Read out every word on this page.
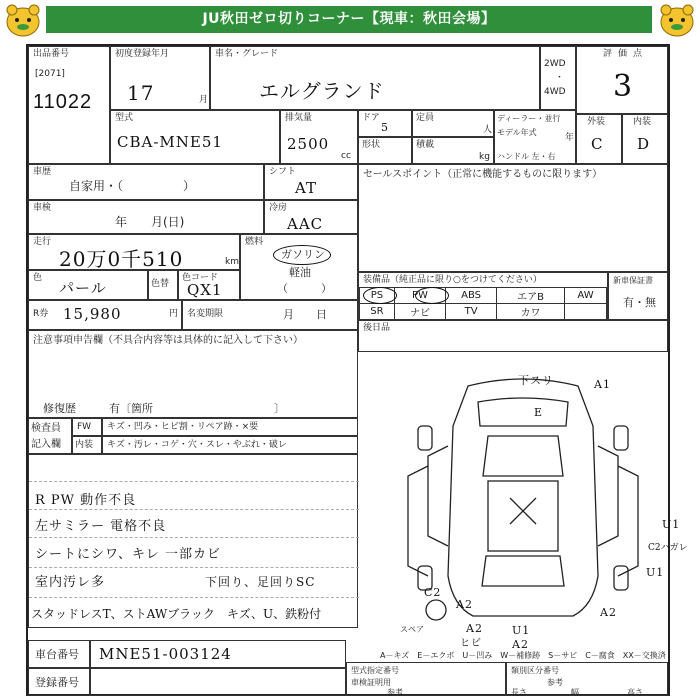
JU秋田ゼロ切りコーナー【現車：秋田会場】
出品番号
[2071]
11022
初度登録年月
17	月
車名・グレード
エルグランド
2WD
・
4WD
評価点
3
型式
CBA-MNE51
排気量
2500
cc
ドア
5
定員
人
形状	積載
kg
ディーラー・並行
モデル年式
年
ハンドル 左・右
外装
C
内装
D
車歴
自家用・（　　　　　）
シフト
AT
車検
年　　月(日)
冷房
AAC
走行
20万0千510	km
燃料
ガソリン
軽油
（　　　）
色
パール	色替
色コード
QX1
R券 15,980	円 名変期限	月　　日
注意事項申告欄（不具合内容等は具体的に記入して下さい）
修復歴	有〔箇所　　　　　　　　　　　〕
検査員
記入欄
FW キズ・凹み・ヒビ割・リペア跡・×要
内装 キズ・汚レ・コゲ・穴・スレ・やぶれ・破レ
R PW 動作不良
左サミラー 電格不良
シートにシワ、キレ 一部カビ
室内汚レ多	下回り、足回りSC
スタッドレスT、ストAWブラック　キズ、U、鉄粉付
車台番号 MNE51-003124
登録番号
セールスポイント（正常に機能するものに限ります）
装備品（純正品に限り○をつけてください）
PS	PW	ABS	エアB	AW
SR	ナビ	TV	カワ	
新車保証書
有・無
後日品
下スリ	A1
E
U1
C2ハガレ
C2
U1
A2
A2
A2
ヒビ
U1
A2
スペア
A－キズ　E－エクボ　U－凹み　W－補修跡　S－サビ　C－腐食　XX－交換済
型式指定番号
車検証明用
参考
類別区分番号
参考
長さ	幅	高さ
